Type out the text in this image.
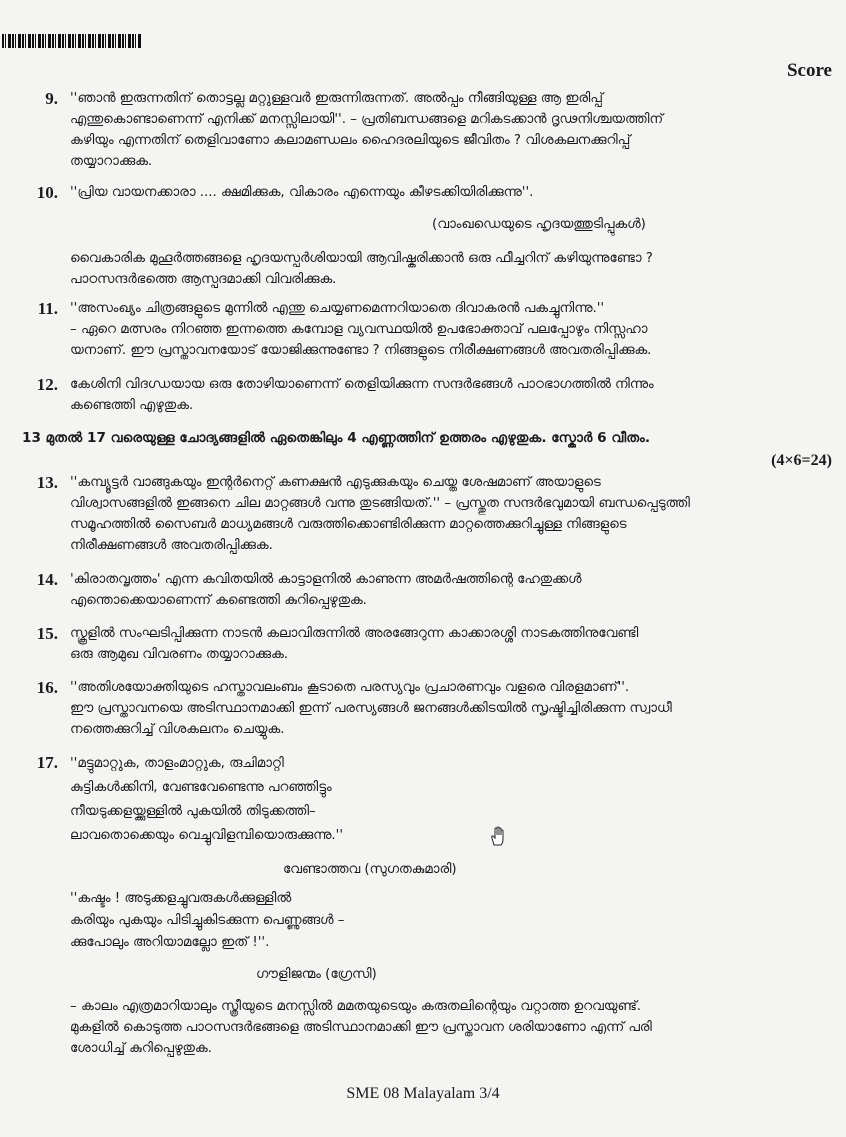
Score
9. ''ഞാൻ ഇരുന്നതിന് തൊട്ടല്ല മറ്റുള്ളവർ ഇരുന്നിരുന്നത്. അൽപ്പം നീങ്ങിയുള്ള ആ ഇരിപ്പ്
എന്തുകൊണ്ടാണെന്ന് എനിക്ക് മനസ്സിലായി''. – പ്രതിബന്ധങ്ങളെ മറികടക്കാൻ ദൃഢനിശ്ചയത്തിന്
കഴിയും എന്നതിന് തെളിവാണോ കലാമണ്ഡലം ഹൈദരലിയുടെ ജീവിതം ? വിശകലനക്കുറിപ്പ്
തയ്യാറാക്കുക.
10. ''പ്രിയ വായനക്കാരാ .... ക്ഷമിക്കുക, വികാരം എന്നെയും കീഴടക്കിയിരിക്കുന്നു''.
(വാംഖഡെയുടെ ഹൃദയത്തുടിപ്പുകൾ)
വൈകാരിക മുഹൂർത്തങ്ങളെ ഹൃദയസ്പർശിയായി ആവിഷ്കരിക്കാൻ ഒരു ഫീച്ചറിന് കഴിയുന്നുണ്ടോ ?
പാഠസന്ദർഭത്തെ ആസ്പദമാക്കി വിവരിക്കുക.
11. ''അസംഖ്യം ചിത്രങ്ങളുടെ മുന്നിൽ എന്തു ചെയ്യണമെന്നറിയാതെ ദിവാകരൻ പകച്ചുനിന്നു.''
– ഏറെ മത്സരം നിറഞ്ഞ ഇന്നത്തെ കമ്പോള വ്യവസ്ഥയിൽ ഉപഭോക്താവ് പലപ്പോഴും നിസ്സഹാ
യനാണ്. ഈ പ്രസ്താവനയോട് യോജിക്കുന്നുണ്ടോ ? നിങ്ങളുടെ നിരീക്ഷണങ്ങൾ അവതരിപ്പിക്കുക.
12. കേശിനി വിദഗ്ധയായ ഒരു തോഴിയാണെന്ന് തെളിയിക്കുന്ന സന്ദർഭങ്ങൾ പാഠഭാഗത്തിൽ നിന്നും
കണ്ടെത്തി എഴുതുക.
13 മുതൽ 17 വരെയുള്ള ചോദ്യങ്ങളിൽ ഏതെങ്കിലും 4 എണ്ണത്തിന് ഉത്തരം എഴുതുക. സ്കോർ 6 വീതം.
(4×6=24)
13. ''കമ്പ്യൂട്ടർ വാങ്ങുകയും ഇന്റർനെറ്റ് കണക്ഷൻ എടുക്കുകയും ചെയ്ത ശേഷമാണ് അയാളുടെ
വിശ്വാസങ്ങളിൽ ഇങ്ങനെ ചില മാറ്റങ്ങൾ വന്നു തുടങ്ങിയത്.'' – പ്രസ്തുത സന്ദർഭവുമായി ബന്ധപ്പെടുത്തി
സമൂഹത്തിൽ സൈബർ മാധ്യമങ്ങൾ വരുത്തിക്കൊണ്ടിരിക്കുന്ന മാറ്റത്തെക്കുറിച്ചുള്ള നിങ്ങളുടെ
നിരീക്ഷണങ്ങൾ അവതരിപ്പിക്കുക.
14. 'കിരാതവൃത്തം' എന്ന കവിതയിൽ കാട്ടാളനിൽ കാണുന്ന അമർഷത്തിന്റെ ഹേതുക്കൾ
എന്തൊക്കെയാണെന്ന് കണ്ടെത്തി കുറിപ്പെഴുതുക.
15. സ്കൂളിൽ സംഘടിപ്പിക്കുന്ന നാടൻ കലാവിരുന്നിൽ അരങ്ങേറുന്ന കാക്കാരശ്ശി നാടകത്തിനുവേണ്ടി
ഒരു ആമുഖ വിവരണം തയ്യാറാക്കുക.
16. ''അതിശയോക്തിയുടെ ഹസ്താവലംബം കൂടാതെ പരസ്യവും പ്രചാരണവും വളരെ വിരളമാണ്''.
ഈ പ്രസ്താവനയെ അടിസ്ഥാനമാക്കി ഇന്ന് പരസ്യങ്ങൾ ജനങ്ങൾക്കിടയിൽ സൃഷ്ടിച്ചിരിക്കുന്ന സ്വാധീ
നത്തെക്കുറിച്ച് വിശകലനം ചെയ്യുക.
17. ''മട്ടുമാറ്റുക, താളംമാറ്റുക, രുചിമാറ്റി
കുട്ടികൾക്കിനി, വേണ്ടവേണ്ടെന്നു പറഞ്ഞിട്ടും
നീയടുക്കളയ്ക്കുള്ളിൽ പുകയിൽ തിടുക്കത്തി–
ലാവതൊക്കെയും വെച്ചുവിളമ്പിയൊരുക്കുന്നു.''
വേണ്ടാത്തവ (സുഗതകുമാരി)
''കഷ്ടം ! അടുക്കളച്ചുവരുകൾക്കുള്ളിൽ
കരിയും പുകയും പിടിച്ചുകിടക്കുന്ന പെണ്ണുങ്ങൾ –
ക്കുപോലും അറിയാമല്ലോ ഇത് !''.
ഗൗളിജന്മം (ഗ്രേസി)
– കാലം എത്രമാറിയാലും സ്ത്രീയുടെ മനസ്സിൽ മമതയുടെയും കരുതലിന്റെയും വറ്റാത്ത ഉറവയുണ്ട്.
മുകളിൽ കൊടുത്ത പാഠസന്ദർഭങ്ങളെ അടിസ്ഥാനമാക്കി ഈ പ്രസ്താവന ശരിയാണോ എന്ന് പരി
ശോധിച്ച് കുറിപ്പെഴുതുക.
SME 08 Malayalam 3/4
